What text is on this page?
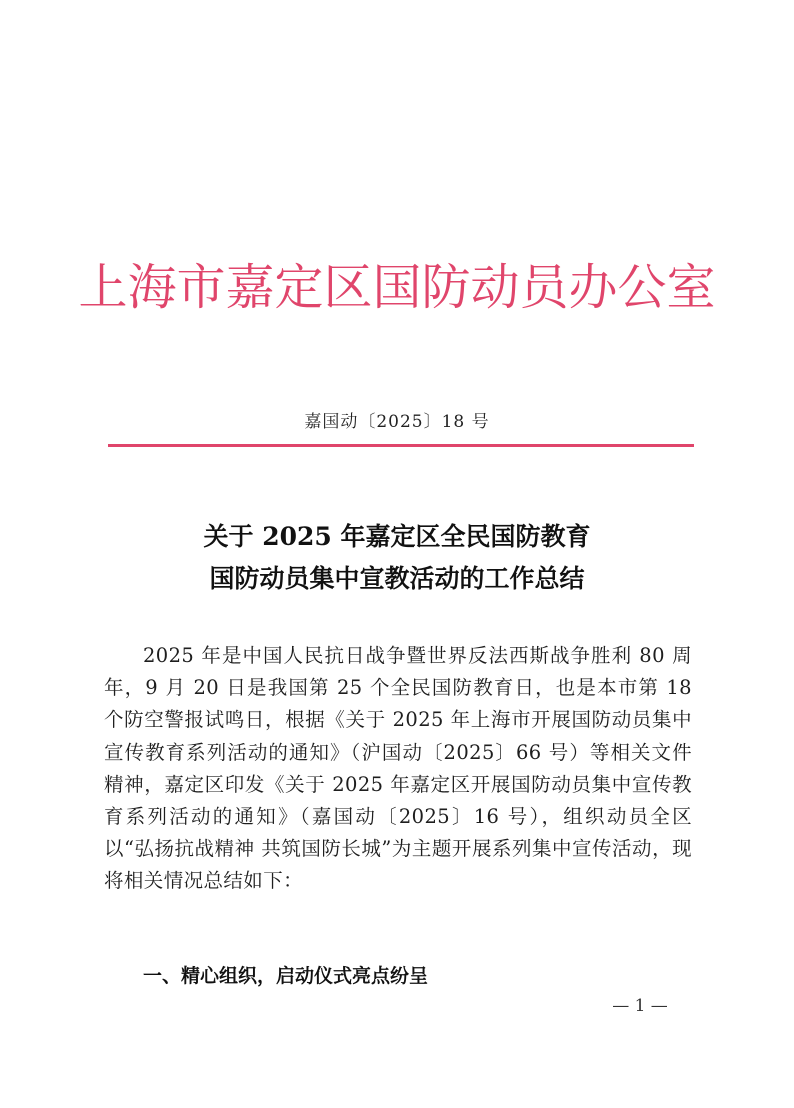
上海市嘉定区国防动员办公室
嘉国动〔2025〕18 号
关于 2025 年嘉定区全民国防教育
国防动员集中宣教活动的工作总结
2025 年是中国人民抗日战争暨世界反法西斯战争胜利 80 周年，9 月 20 日是我国第 25 个全民国防教育日，也是本市第 18 个防空警报试鸣日，根据《关于 2025 年上海市开展国防动员集中宣传教育系列活动的通知》（沪国动〔2025〕66 号）等相关文件精神，嘉定区印发《关于 2025 年嘉定区开展国防动员集中宣传教育系列活动的通知》（嘉国动〔2025〕16 号），组织动员全区以“弘扬抗战精神 共筑国防长城”为主题开展系列集中宣传活动，现将相关情况总结如下：
一、精心组织，启动仪式亮点纷呈
— 1 —
